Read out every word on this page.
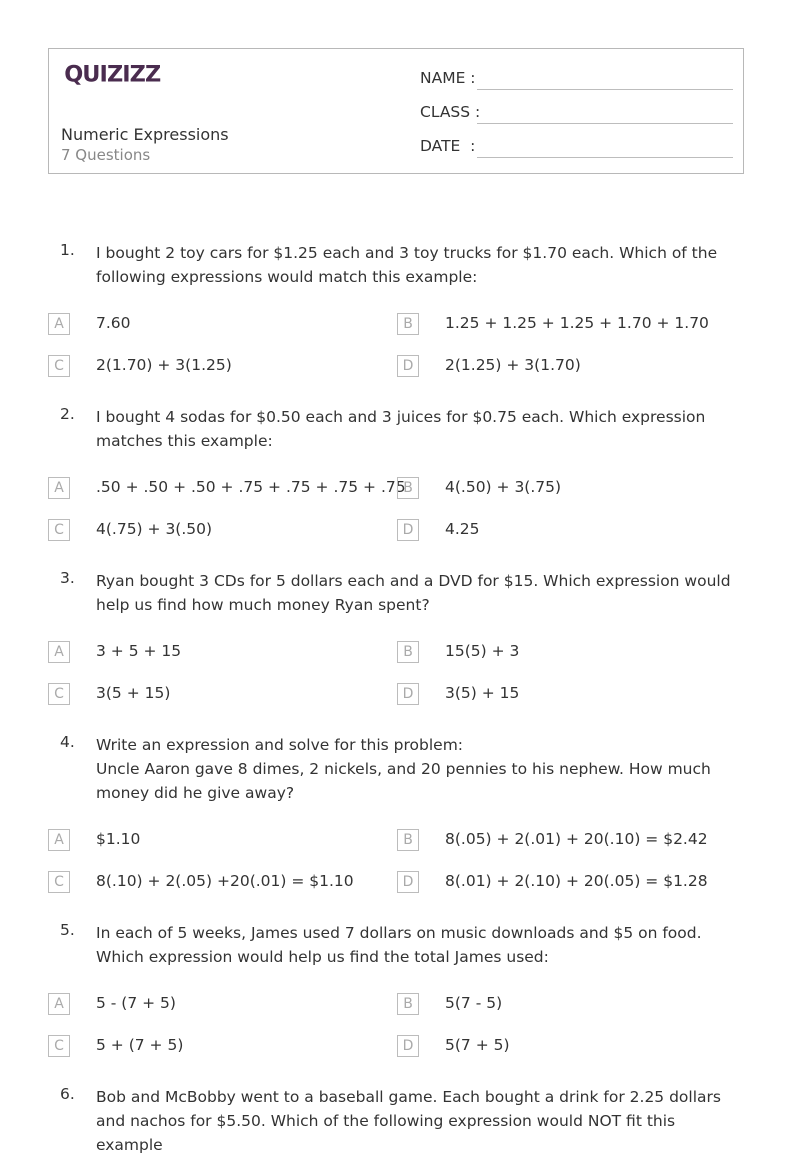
QUIZIZZ
Numeric Expressions
7 Questions
NAME :
CLASS :
DATE  :
1. I bought 2 toy cars for $1.25 each and 3 toy trucks for $1.70 each. Which of the following expressions would match this example:

A	7.60	B	1.25 + 1.25 + 1.25 + 1.70 + 1.70
C	2(1.70) + 3(1.25)	D	2(1.25) + 3(1.70)
2. I bought 4 sodas for $0.50 each and 3 juices for $0.75 each. Which expression matches this example:

A	.50 + .50 + .50 + .75 + .75 + .75 + .75
B	4(.50) + 3(.75)
C	4(.75) + 3(.50)	D	4.25
3. Ryan bought 3 CDs for 5 dollars each and a DVD for $15. Which expression would help us find how much money Ryan spent?

A	3 + 5 + 15	B	15(5) + 3
C	3(5 + 15)	D	3(5) + 15
4. Write an expression and solve for this problem:

Uncle Aaron gave 8 dimes, 2 nickels, and 20 pennies to his nephew. How much money did he give away?

A	$1.10	B	8(.05) + 2(.01) + 20(.10) = $2.42
C	8(.10) + 2(.05) +20(.01) = $1.10	D	8(.01) + 2(.10) + 20(.05) = $1.28
5. In each of 5 weeks, James used 7 dollars on music downloads and $5 on food. Which expression would help us find the total James used:

A	5 - (7 + 5)	B	5(7 - 5)
C	5 + (7 + 5)	D	5(7 + 5)
6. Bob and McBobby went to a baseball game. Each bought a drink for 2.25 dollars and nachos for $5.50. Which of the following expression would NOT fit this example
